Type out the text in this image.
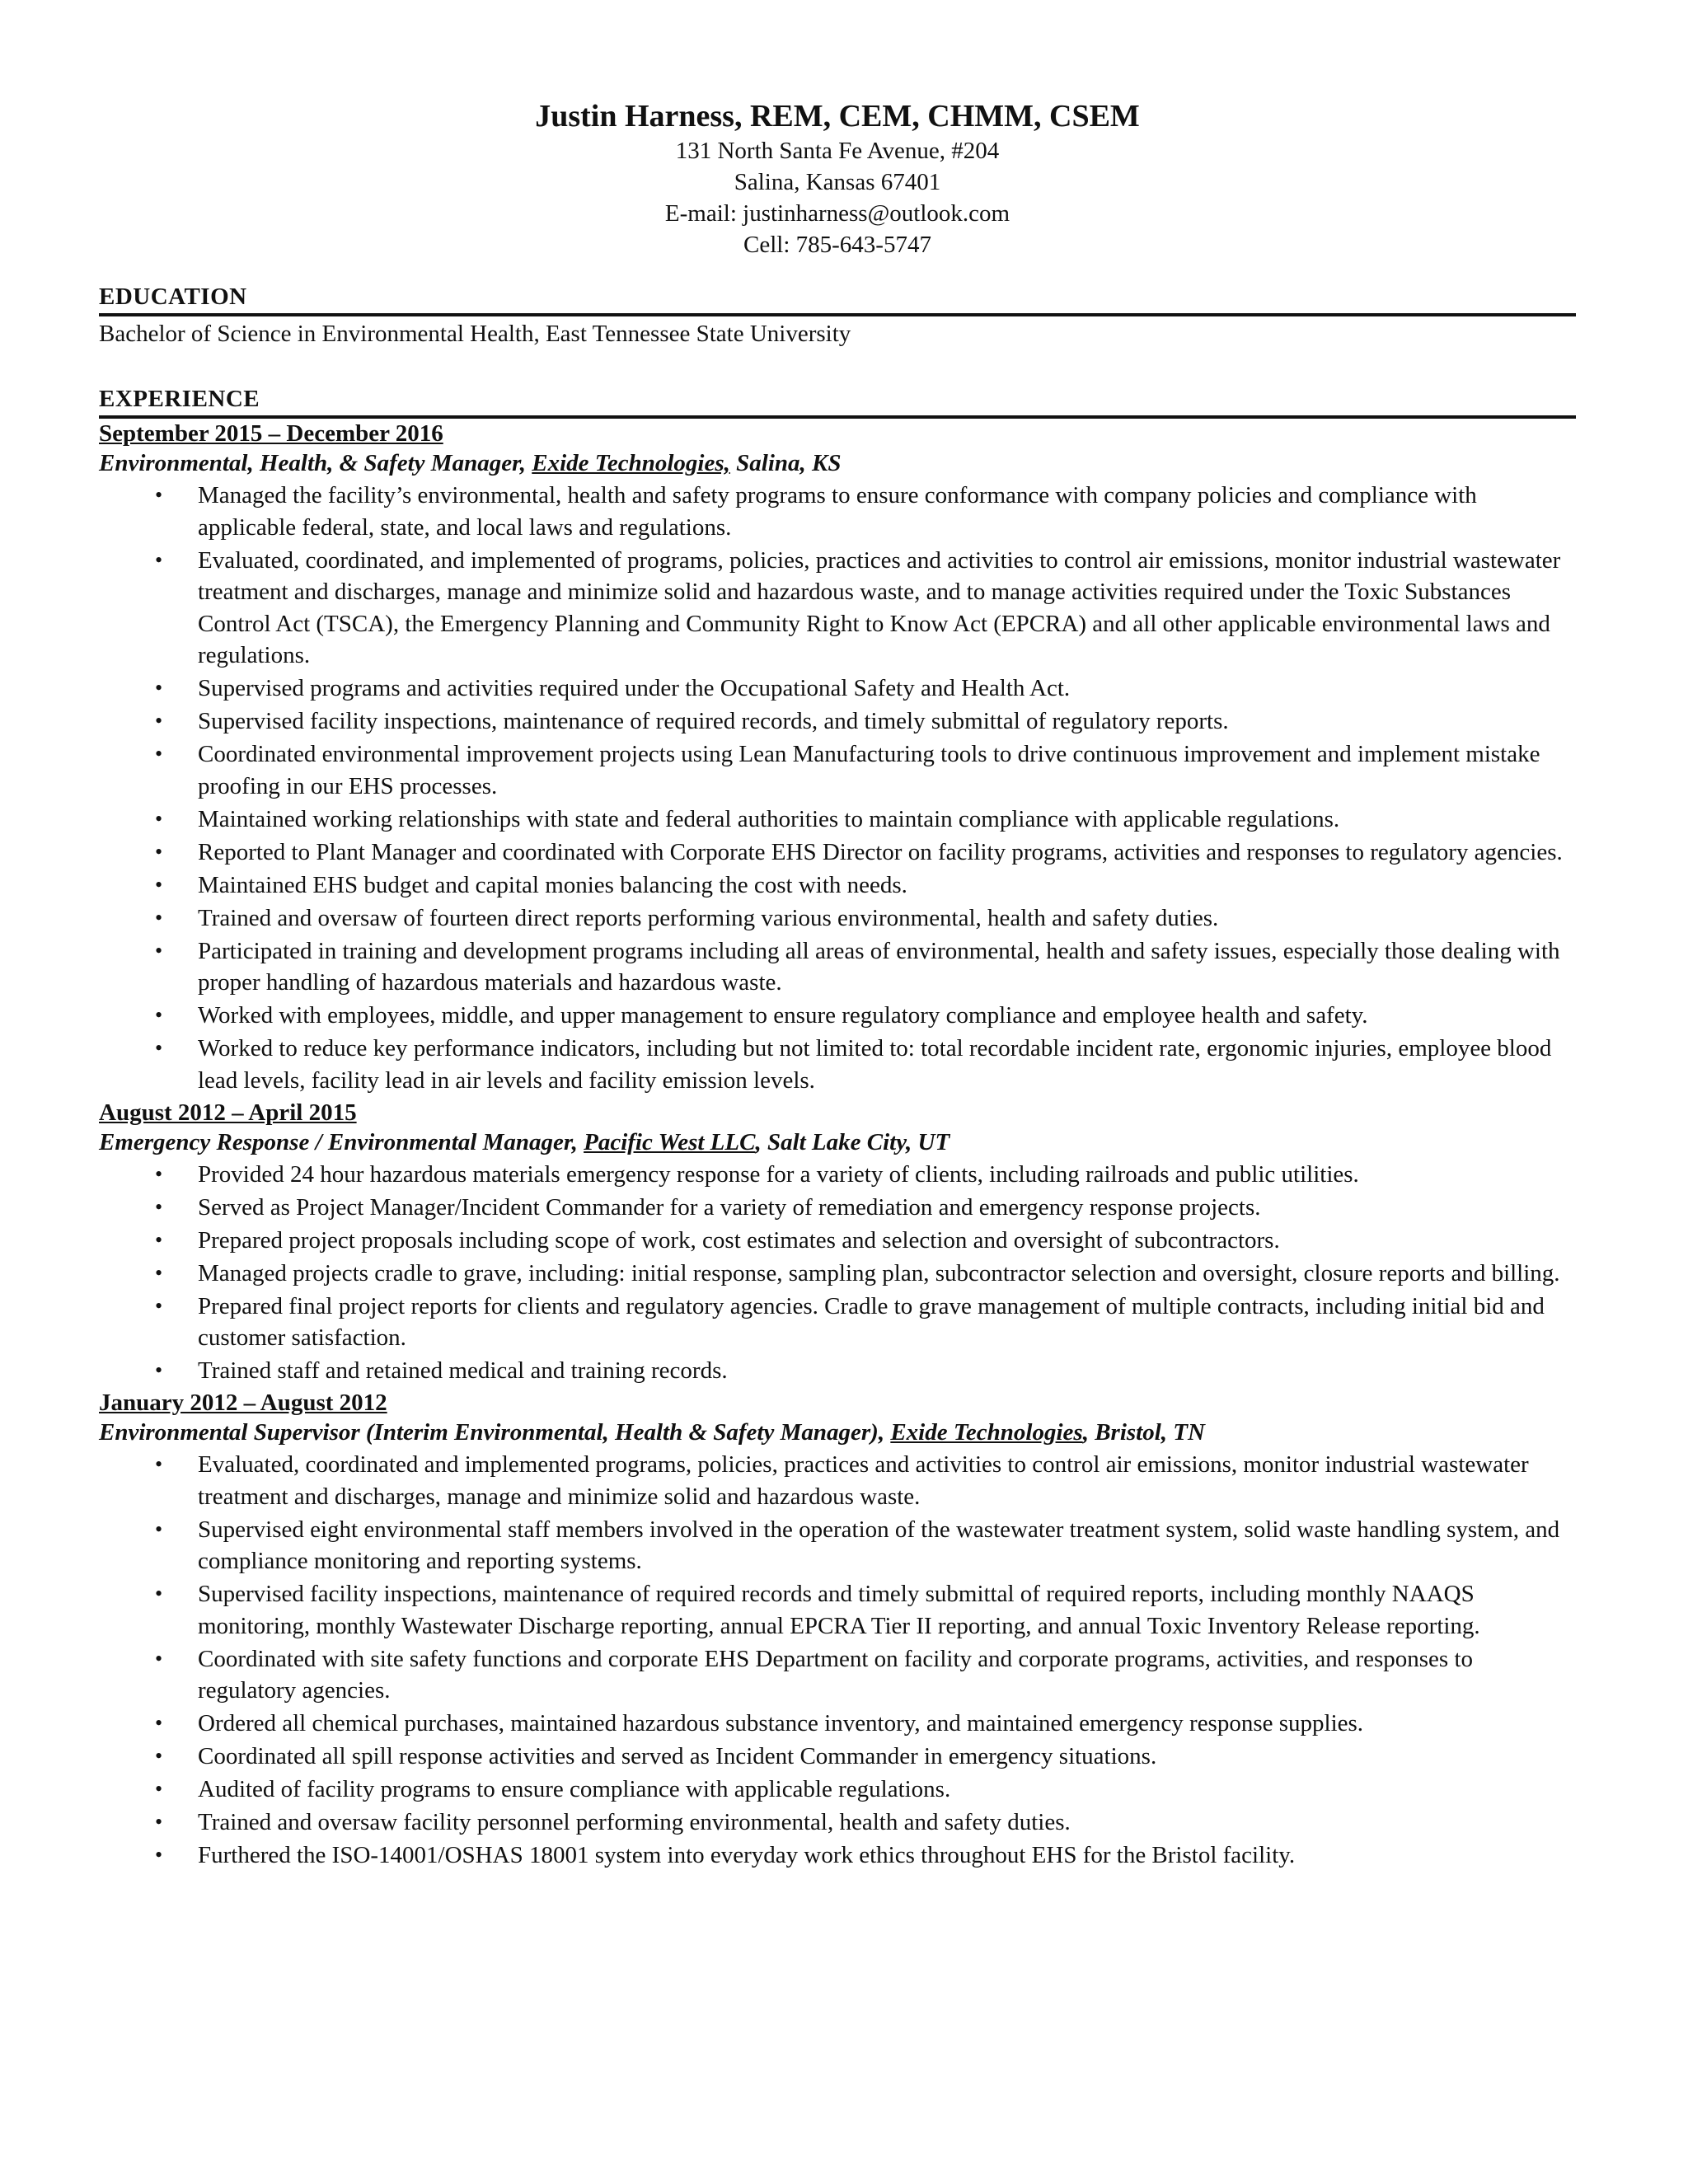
Justin Harness, REM, CEM, CHMM, CSEM
131 North Santa Fe Avenue, #204
Salina, Kansas 67401
E-mail: justinharness@outlook.com
Cell: 785-643-5747
EDUCATION
Bachelor of Science in Environmental Health, East Tennessee State University
EXPERIENCE
September 2015 – December 2016
Environmental, Health, & Safety Manager, Exide Technologies, Salina, KS
• Managed the facility’s environmental, health and safety programs to ensure conformance with company policies and compliance with applicable federal, state, and local laws and regulations.
• Evaluated, coordinated, and implemented of programs, policies, practices and activities to control air emissions, monitor industrial wastewater treatment and discharges, manage and minimize solid and hazardous waste, and to manage activities required under the Toxic Substances Control Act (TSCA), the Emergency Planning and Community Right to Know Act (EPCRA) and all other applicable environmental laws and regulations.
• Supervised programs and activities required under the Occupational Safety and Health Act.
• Supervised facility inspections, maintenance of required records, and timely submittal of regulatory reports.
• Coordinated environmental improvement projects using Lean Manufacturing tools to drive continuous improvement and implement mistake proofing in our EHS processes.
• Maintained working relationships with state and federal authorities to maintain compliance with applicable regulations.
• Reported to Plant Manager and coordinated with Corporate EHS Director on facility programs, activities and responses to regulatory agencies.
• Maintained EHS budget and capital monies balancing the cost with needs.
• Trained and oversaw of fourteen direct reports performing various environmental, health and safety duties.
• Participated in training and development programs including all areas of environmental, health and safety issues, especially those dealing with proper handling of hazardous materials and hazardous waste.
• Worked with employees, middle, and upper management to ensure regulatory compliance and employee health and safety.
• Worked to reduce key performance indicators, including but not limited to: total recordable incident rate, ergonomic injuries, employee blood lead levels, facility lead in air levels and facility emission levels.
August 2012 – April 2015
Emergency Response / Environmental Manager, Pacific West LLC, Salt Lake City, UT
• Provided 24 hour hazardous materials emergency response for a variety of clients, including railroads and public utilities.
• Served as Project Manager/Incident Commander for a variety of remediation and emergency response projects.
• Prepared project proposals including scope of work, cost estimates and selection and oversight of subcontractors.
• Managed projects cradle to grave, including: initial response, sampling plan, subcontractor selection and oversight, closure reports and billing.
• Prepared final project reports for clients and regulatory agencies. Cradle to grave management of multiple contracts, including initial bid and customer satisfaction.
• Trained staff and retained medical and training records.
January 2012 – August 2012
Environmental Supervisor (Interim Environmental, Health & Safety Manager), Exide Technologies, Bristol, TN
• Evaluated, coordinated and implemented programs, policies, practices and activities to control air emissions, monitor industrial wastewater treatment and discharges, manage and minimize solid and hazardous waste.
• Supervised eight environmental staff members involved in the operation of the wastewater treatment system, solid waste handling system, and compliance monitoring and reporting systems.
• Supervised facility inspections, maintenance of required records and timely submittal of required reports, including monthly NAAQS monitoring, monthly Wastewater Discharge reporting, annual EPCRA Tier II reporting, and annual Toxic Inventory Release reporting.
• Coordinated with site safety functions and corporate EHS Department on facility and corporate programs, activities, and responses to regulatory agencies.
• Ordered all chemical purchases, maintained hazardous substance inventory, and maintained emergency response supplies.
• Coordinated all spill response activities and served as Incident Commander in emergency situations.
• Audited of facility programs to ensure compliance with applicable regulations.
• Trained and oversaw facility personnel performing environmental, health and safety duties.
• Furthered the ISO-14001/OSHAS 18001 system into everyday work ethics throughout EHS for the Bristol facility.
